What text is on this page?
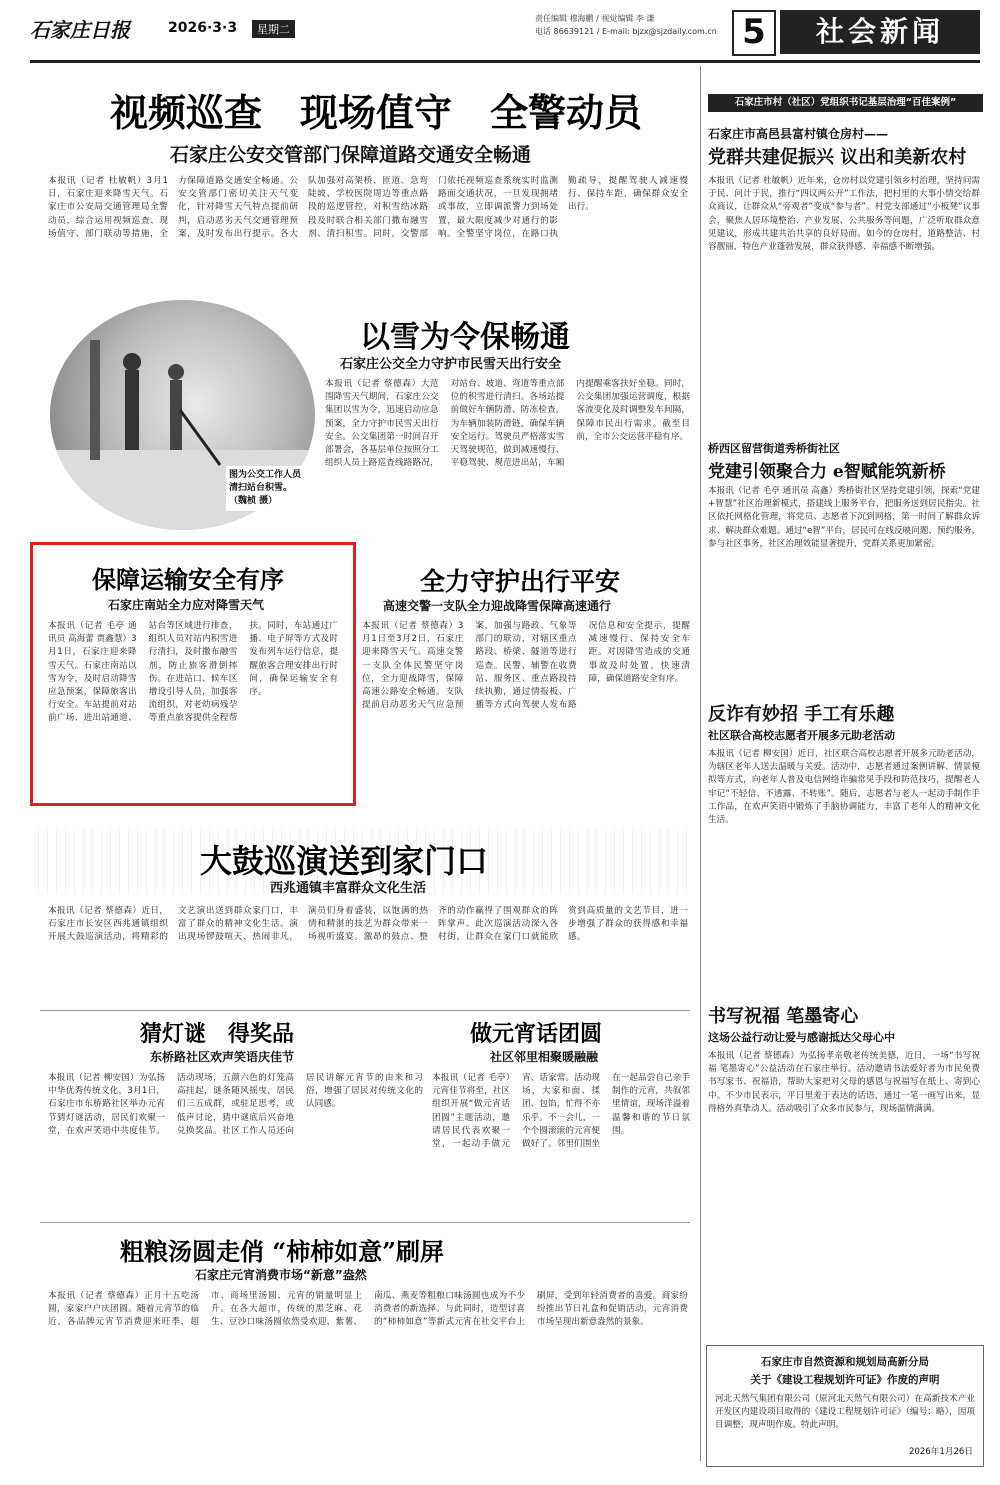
石家庄日报	2026·3·3	星期二
责任编辑 穆海鹏 / 视觉编辑 李 谦
电话 86639121 / E-mail: bjzx@sjzdaily.com.cn 5	社会新闻
视频巡查　现场值守　全警动员
石家庄公安交管部门保障道路交通安全畅通
本报讯（记者 杜敏帆）3月1日，石家庄迎来降雪天气。石家庄市公安局交通管理局全警动员，综合运用视频巡查、现场值守、部门联动等措施，全力保障道路交通安全畅通。公安交管部门密切关注天气变化，针对降雪天气特点提前研判，启动恶劣天气交通管理预案，及时发布出行提示。各大队加强对高架桥、匝道、急弯陡坡、学校医院周边等重点路段的巡逻管控，对积雪结冰路段及时联合相关部门撒布融雪剂、清扫积雪。同时，交警部门依托视频巡查系统实时监测路面交通状况，一旦发现拥堵或事故，立即调派警力到场处置，最大限度减少对通行的影响。全警坚守岗位，在路口执勤疏导，提醒驾驶人减速慢行、保持车距，确保群众安全出行。
图为公交工作人员清扫站台积雪。（魏桢 摄）
以雪为令保畅通
石家庄公交全力守护市民雪天出行安全
本报讯（记者 蔡德森）大范围降雪天气期间，石家庄公交集团以雪为令，迅速启动应急预案，全力守护市民雪天出行安全。公交集团第一时间召开部署会，各基层单位按照分工组织人员上路巡查线路路况，对站台、坡道、弯道等重点部位的积雪进行清扫。各场站提前做好车辆防滑、防冻检查，为车辆加装防滑链，确保车辆安全运行。驾驶员严格落实雪天驾驶规范，做到减速慢行、平稳驾驶、规范进出站，车厢内提醒乘客扶好坐稳。同时，公交集团加强运营调度，根据客流变化及时调整发车间隔，保障市民出行需求。截至目前，全市公交运营平稳有序。
保障运输安全有序
石家庄南站全力应对降雪天气
本报讯（记者 毛亭 通讯员 高海蕾 贾鑫慧）3月1日，石家庄迎来降雪天气。石家庄南站以雪为令，及时启动降雪应急预案，保障旅客出行安全。车站提前对站前广场、进出站通道、站台等区域进行排查，组织人员对站内积雪进行清扫，及时撒布融雪剂，防止旅客滑倒摔伤。在进站口、候车区增设引导人员，加强客流组织，对老幼病残孕等重点旅客提供全程帮扶。同时，车站通过广播、电子屏等方式及时发布列车运行信息，提醒旅客合理安排出行时间，确保运输安全有序。
全力守护出行平安
高速交警一支队全力迎战降雪保障高速通行
本报讯（记者 蔡德森）3月1日至3月2日，石家庄迎来降雪天气。高速交警一支队全体民警坚守岗位，全力迎战降雪，保障高速公路安全畅通。支队提前启动恶劣天气应急预案，加强与路政、气象等部门的联动，对辖区重点路段、桥梁、隧道等进行巡查。民警、辅警在收费站、服务区、重点路段持续执勤，通过情报板、广播等方式向驾驶人发布路况信息和安全提示，提醒减速慢行、保持安全车距。对因降雪造成的交通事故及时处置，快速清障，确保道路安全有序。
大鼓巡演送到家门口
西兆通镇丰富群众文化生活
本报讯（记者 蔡德森）近日，石家庄市长安区西兆通镇组织开展大鼓巡演活动，将精彩的文艺演出送到群众家门口，丰富了群众的精神文化生活。演出现场锣鼓喧天、热闹非凡，演员们身着盛装，以饱满的热情和精湛的技艺为群众带来一场视听盛宴。激昂的鼓点、整齐的动作赢得了围观群众的阵阵掌声。此次巡演活动深入各村街，让群众在家门口就能欣赏到高质量的文艺节目，进一步增强了群众的获得感和幸福感。
猜灯谜　得奖品
东桥路社区欢声笑语庆佳节
本报讯（记者 柳安国）为弘扬中华优秀传统文化，3月1日，石家庄市东桥路社区举办元宵节猜灯谜活动，居民们欢聚一堂，在欢声笑语中共度佳节。活动现场，五颜六色的灯笼高高挂起，谜条随风摇曳，居民们三五成群，或驻足思考，或低声讨论，猜中谜底后兴奋地兑换奖品。社区工作人员还向居民讲解元宵节的由来和习俗，增强了居民对传统文化的认同感。
做元宵话团圆
社区邻里相聚暖融融
本报讯（记者 毛亭）元宵佳节将至，社区组织开展“做元宵话团圆”主题活动，邀请居民代表欢聚一堂，一起动手做元宵、话家常。活动现场，大家和面、揉团、包馅，忙得不亦乐乎。不一会儿，一个个圆滚滚的元宵便做好了。邻里们围坐在一起品尝自己亲手制作的元宵，共叙邻里情谊，现场洋溢着温馨和谐的节日氛围。
粗粮汤圆走俏 “柿柿如意”刷屏
石家庄元宵消费市场“新意”盎然
本报讯（记者 蔡德森）正月十五吃汤圆，家家户户庆团圆。随着元宵节的临近，各品牌元宵节消费迎来旺季，超市、商场里汤圆、元宵的销量明显上升。在各大超市，传统的黑芝麻、花生、豆沙口味汤圆依然受欢迎，紫薯、南瓜、燕麦等粗粮口味汤圆也成为不少消费者的新选择。与此同时，造型讨喜的“柿柿如意”等新式元宵在社交平台上刷屏，受到年轻消费者的喜爱。商家纷纷推出节日礼盒和促销活动，元宵消费市场呈现出新意盎然的景象。
石家庄市村（社区）党组织书记基层治理“百佳案例”
石家庄市高邑县富村镇仓房村——
党群共建促振兴 议出和美新农村
本报讯（记者 杜敏帆）近年来，仓房村以党建引领乡村治理，坚持问需于民、问计于民，推行“四议两公开”工作法，把村里的大事小情交给群众商议，让群众从“旁观者”变成“参与者”。村党支部通过“小板凳”议事会，聚焦人居环境整治、产业发展、公共服务等问题，广泛听取群众意见建议，形成共建共治共享的良好局面。如今的仓房村，道路整洁、村容靓丽，特色产业蓬勃发展，群众获得感、幸福感不断增强。
桥西区留营街道秀桥街社区
党建引领聚合力 e智赋能筑新桥
本报讯（记者 毛亭 通讯员 高鑫）秀桥街社区坚持党建引领，探索“党建+智慧”社区治理新模式，搭建线上服务平台，把服务送到居民指尖。社区依托网格化管理，将党员、志愿者下沉到网格，第一时间了解群众诉求、解决群众难题。通过“e智”平台，居民可在线反映问题、预约服务、参与社区事务，社区治理效能显著提升，党群关系更加紧密。
反诈有妙招 手工有乐趣
社区联合高校志愿者开展多元助老活动
本报讯（记者 柳安国）近日，社区联合高校志愿者开展多元助老活动，为辖区老年人送去温暖与关爱。活动中，志愿者通过案例讲解、情景模拟等方式，向老年人普及电信网络诈骗常见手段和防范技巧，提醒老人牢记“不轻信、不透露、不转账”。随后，志愿者与老人一起动手制作手工作品，在欢声笑语中锻炼了手脑协调能力，丰富了老年人的精神文化生活。
书写祝福 笔墨寄心
这场公益行动让爱与感谢抵达父母心中
本报讯（记者 蔡德森）为弘扬孝亲敬老传统美德，近日，一场“书写祝福 笔墨寄心”公益活动在石家庄举行。活动邀请书法爱好者为市民免费书写家书、祝福语，帮助大家把对父母的感恩与祝福写在纸上、寄到心中。不少市民表示，平日里羞于表达的话语，通过一笔一画写出来，显得格外真挚动人。活动吸引了众多市民参与，现场温情满满。
石家庄市自然资源和规划局高新分局
关于《建设工程规划许可证》作废的声明
河北天然气集团有限公司（原河北天然气有限公司）在高新技术产业开发区内建设项目取得的《建设工程规划许可证》（编号：略），因项目调整，现声明作废。特此声明。
2026年1月26日
